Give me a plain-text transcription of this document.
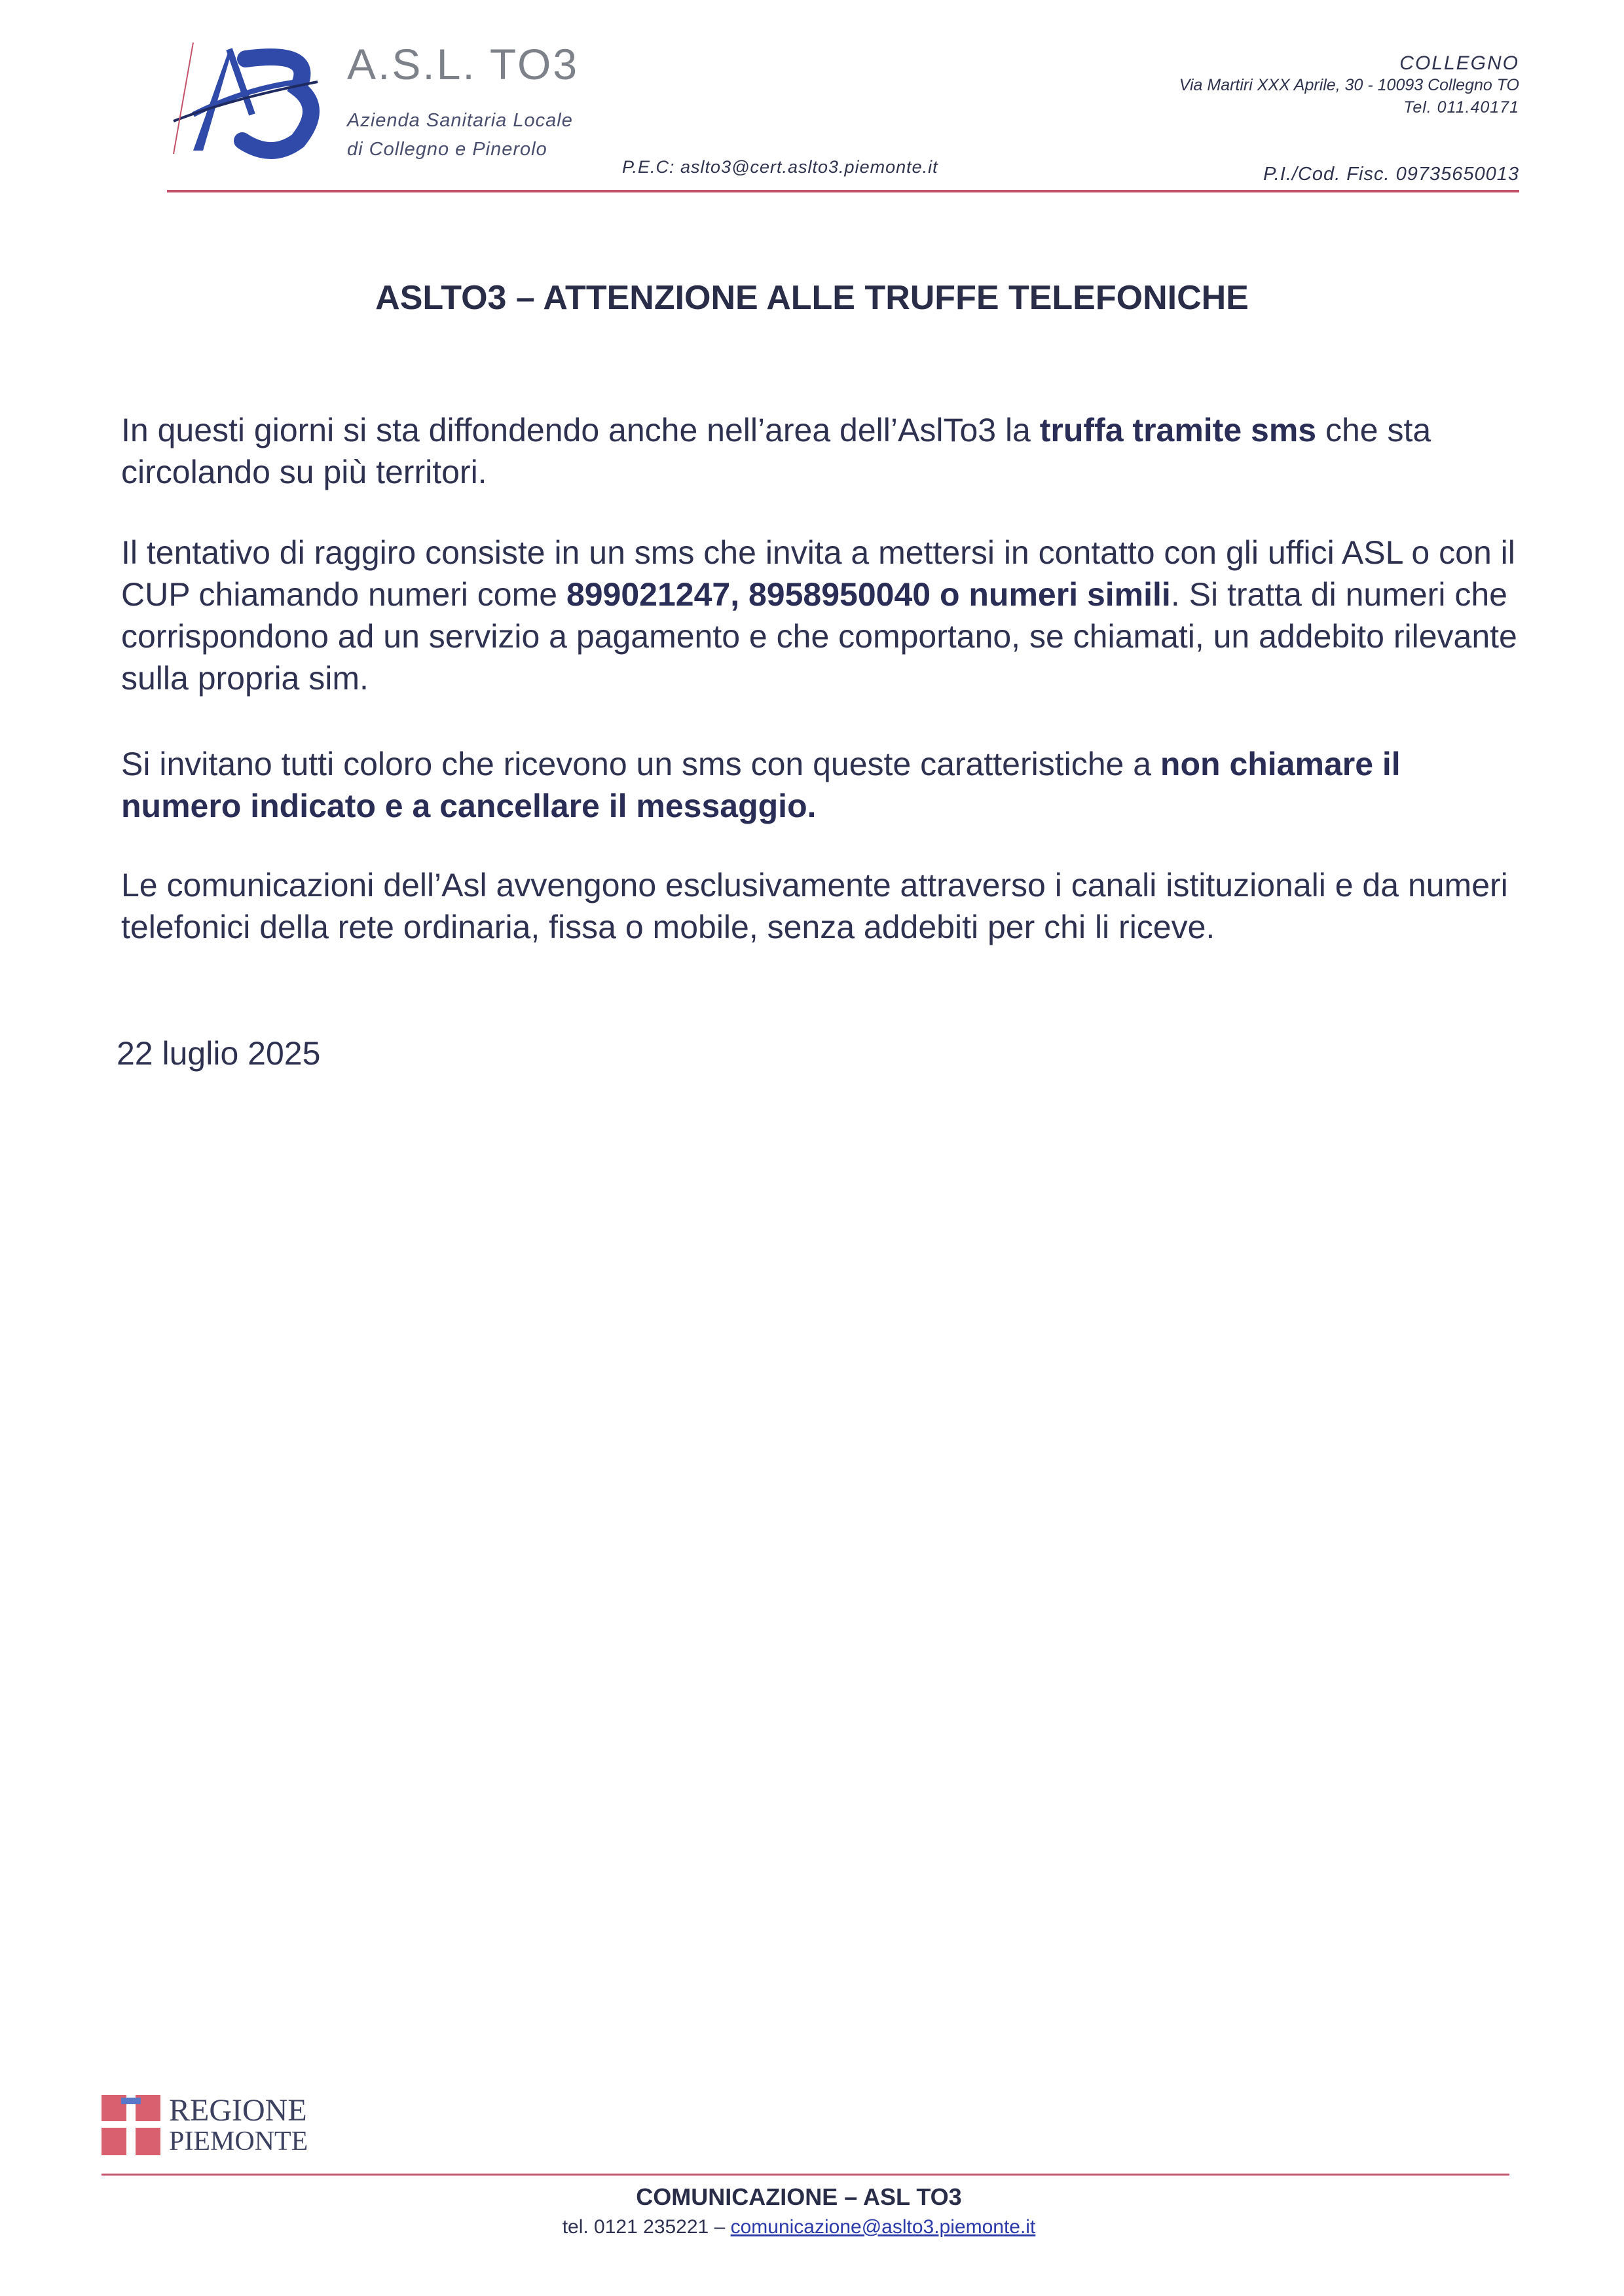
A.S.L. TO3
Azienda Sanitaria Locale
di Collegno e Pinerolo
P.E.C: aslto3@cert.aslto3.piemonte.it
COLLEGNO
Via Martiri XXX Aprile, 30 - 10093 Collegno TO
Tel. 011.40171
P.I./Cod. Fisc. 09735650013
ASLTO3 – ATTENZIONE ALLE TRUFFE TELEFONICHE
In questi giorni si sta diffondendo anche nell’area dell’AslTo3 la truffa tramite sms che sta circolando su più territori.
Il tentativo di raggiro consiste in un sms che invita a mettersi in contatto con gli uffici ASL o con il CUP chiamando numeri come 899021247, 8958950040 o numeri simili. Si tratta di numeri che corrispondono ad un servizio a pagamento e che comportano, se chiamati, un addebito rilevante sulla propria sim.
Si invitano tutti coloro che ricevono un sms con queste caratteristiche a non chiamare il numero indicato e a cancellare il messaggio.
Le comunicazioni dell’Asl avvengono esclusivamente attraverso i canali istituzionali e da numeri telefonici della rete ordinaria, fissa o mobile, senza addebiti per chi li riceve.
22 luglio 2025
REGIONE
PIEMONTE
COMUNICAZIONE – ASL TO3
tel. 0121 235221 – comunicazione@aslto3.piemonte.it
